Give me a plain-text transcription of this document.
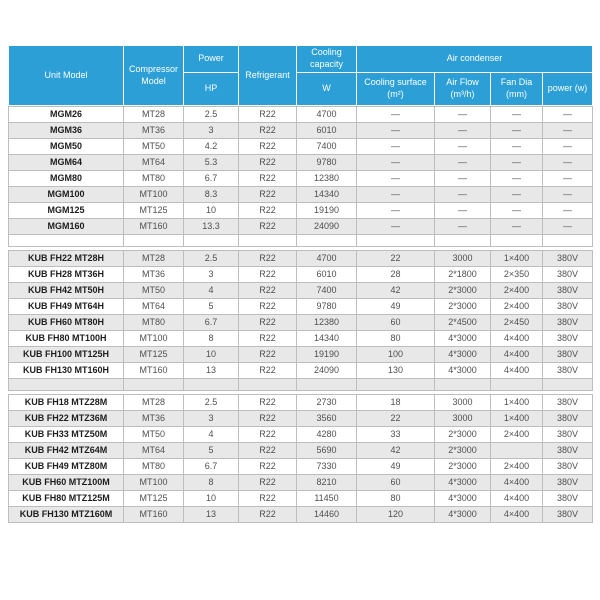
Unit Model	Compressor Model	Power	Refrigerant	Cooling capacity	Air condenser			
		HP		W	Cooling surface (m²)	Air Flow (m³/h)	Fan Dia (mm)	power (w)
MGM26	MT28	2.5	R22	4700	—	—	—	—
MGM36	MT36	3	R22	6010	—	—	—	—
MGM50	MT50	4.2	R22	7400	—	—	—	—
MGM64	MT64	5.3	R22	9780	—	—	—	—
MGM80	MT80	6.7	R22	12380	—	—	—	—
MGM100	MT100	8.3	R22	14340	—	—	—	—
MGM125	MT125	10	R22	19190	—	—	—	—
MGM160	MT160	13.3	R22	24090	—	—	—	—

KUB FH22 MT28H	MT28	2.5	R22	4700	22	3000	1×400	380V
KUB FH28 MT36H	MT36	3	R22	6010	28	2*1800	2×350	380V
KUB FH42 MT50H	MT50	4	R22	7400	42	2*3000	2×400	380V
KUB FH49 MT64H	MT64	5	R22	9780	49	2*3000	2×400	380V
KUB FH60 MT80H	MT80	6.7	R22	12380	60	2*4500	2×450	380V
KUB FH80 MT100H	MT100	8	R22	14340	80	4*3000	4×400	380V
KUB FH100 MT125H	MT125	10	R22	19190	100	4*3000	4×400	380V
KUB FH130 MT160H	MT160	13	R22	24090	130	4*3000	4×400	380V

KUB FH18 MTZ28M	MT28	2.5	R22	2730	18	3000	1×400	380V
KUB FH22 MTZ36M	MT36	3	R22	3560	22	3000	1×400	380V
KUB FH33 MTZ50M	MT50	4	R22	4280	33	2*3000	2×400	380V
KUB FH42 MTZ64M	MT64	5	R22	5690	42	2*3000		380V
KUB FH49 MTZ80M	MT80	6.7	R22	7330	49	2*3000	2×400	380V
KUB FH60 MTZ100M	MT100	8	R22	8210	60	4*3000	4×400	380V
KUB FH80 MTZ125M	MT125	10	R22	11450	80	4*3000	4×400	380V
KUB FH130 MTZ160M	MT160	13	R22	14460	120	4*3000	4×400	380V
